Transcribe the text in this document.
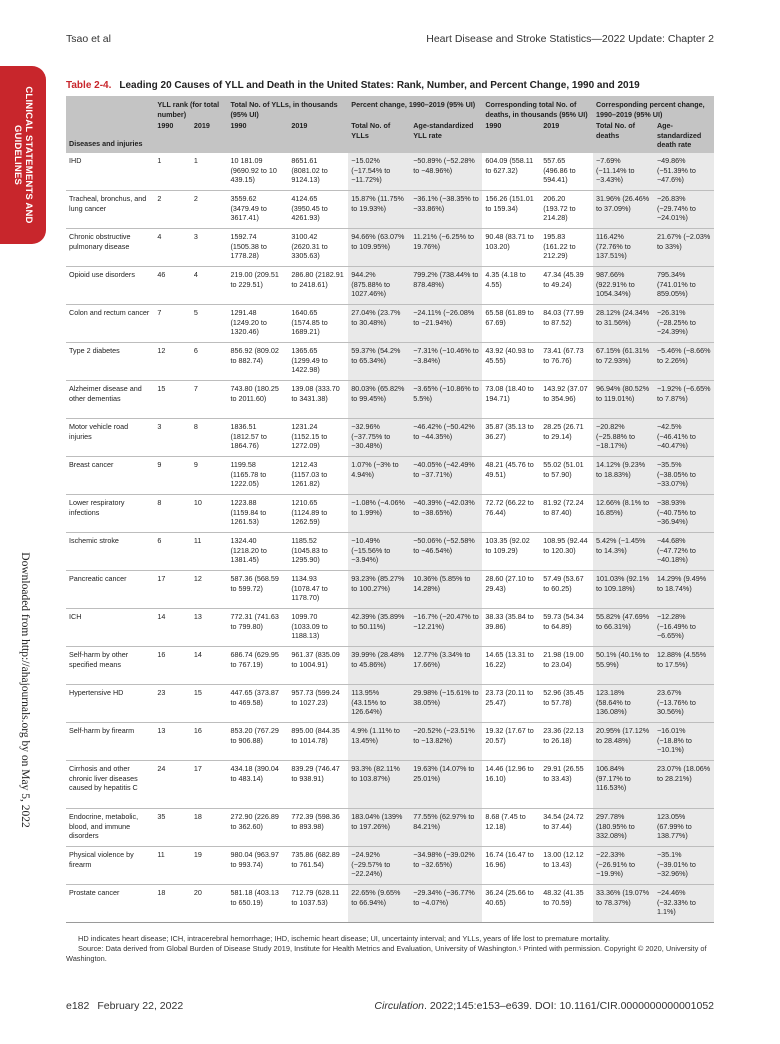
Tsao et al	Heart Disease and Stroke Statistics—2022 Update: Chapter 2
CLINICAL STATEMENTS AND GUIDELINES
Downloaded from http://ahajournals.org by on May 5, 2022
Table 2-4. Leading 20 Causes of YLL and Death in the United States: Rank, Number, and Percent Change, 1990 and 2019
Diseases and injuries	YLL rank (for total number)		Total No. of YLLs, in thousands (95% UI)		Percent change, 1990–2019 (95% UI)		Corresponding total No. of deaths, in thousands (95% UI)		Corresponding percent change, 1990–2019 (95% UI)	
	1990	2019	1990	2019	Total No. of YLLs	Age-standardized YLL rate	1990	2019	Total No. of deaths	Age-standardized death rate
IHD	1	1	10 181.09 (9690.92 to 10 439.15)	8651.61 (8081.02 to 9124.13)	−15.02% (−17.54% to −11.72%)	−50.89% (−52.28% to −48.96%)	604.09 (558.11 to 627.32)	557.65 (496.86 to 594.41)	−7.69% (−11.14% to −3.43%)	−49.86% (−51.39% to −47.6%)
Tracheal, bronchus, and lung cancer	2	2	3559.62 (3479.49 to 3617.41)	4124.65 (3950.45 to 4261.93)	15.87% (11.75% to 19.93%)	−36.1% (−38.35% to −33.86%)	156.26 (151.01 to 159.34)	206.20 (193.72 to 214.28)	31.96% (26.46% to 37.09%)	−26.83% (−29.74% to −24.01%)
Chronic obstructive pulmonary disease	4	3	1592.74 (1505.38 to 1778.28)	3100.42 (2620.31 to 3305.63)	94.66% (63.07% to 109.95%)	11.21% (−6.25% to 19.76%)	90.48 (83.71 to 103.20)	195.83 (161.22 to 212.29)	116.42% (72.76% to 137.51%)	21.67% (−2.03% to 33%)
Opioid use disorders	46	4	219.00 (209.51 to 229.51)	286.80 (2182.91 to 2418.61)	944.2% (875.88% to 1027.46%)	799.2% (738.44% to 878.48%)	4.35 (4.18 to 4.55)	47.34 (45.39 to 49.24)	987.66% (922.91% to 1054.34%)	795.34% (741.01% to 859.05%)
Colon and rectum cancer	7	5	1291.48 (1249.20 to 1320.46)	1640.65 (1574.85 to 1689.21)	27.04% (23.7% to 30.48%)	−24.11% (−26.08% to −21.94%)	65.58 (61.89 to 67.69)	84.03 (77.99 to 87.52)	28.12% (24.34% to 31.56%)	−26.31% (−28.25% to −24.39%)
Type 2 diabetes	12	6	856.92 (809.02 to 882.74)	1365.65 (1299.49 to 1422.98)	59.37% (54.2% to 65.34%)	−7.31% (−10.46% to −3.84%)	43.92 (40.93 to 45.55)	73.41 (67.73 to 76.76)	67.15% (61.31% to 72.93%)	−5.46% (−8.66% to 2.26%)
Alzheimer disease and other dementias	15	7	743.80 (180.25 to 2011.60)	139.08 (333.70 to 3431.38)	80.03% (65.82% to 99.45%)	−3.65% (−10.86% to 5.5%)	73.08 (18.40 to 194.71)	143.92 (37.07 to 354.96)	96.94% (80.52% to 119.01%)	−1.92% (−6.65% to 7.87%)
Motor vehicle road injuries	3	8	1836.51 (1812.57 to 1864.76)	1231.24 (1152.15 to 1272.09)	−32.96% (−37.75% to −30.48%)	−46.42% (−50.42% to −44.35%)	35.87 (35.13 to 36.27)	28.25 (26.71 to 29.14)	−20.82% (−25.88% to −18.17%)	−42.5% (−46.41% to −40.47%)
Breast cancer	9	9	1199.58 (1165.78 to 1222.05)	1212.43 (1157.03 to 1261.82)	1.07% (−3% to 4.94%)	−40.05% (−42.49% to −37.71%)	48.21 (45.76 to 49.51)	55.02 (51.01 to 57.90)	14.12% (9.23% to 18.83%)	−35.5% (−38.05% to −33.07%)
Lower respiratory infections	8	10	1223.88 (1159.84 to 1261.53)	1210.65 (1124.89 to 1262.59)	−1.08% (−4.06% to 1.99%)	−40.39% (−42.03% to −38.65%)	72.72 (66.22 to 76.44)	81.92 (72.24 to 87.40)	12.66% (8.1% to 16.85%)	−38.93% (−40.75% to −36.94%)
Ischemic stroke	6	11	1324.40 (1218.20 to 1381.45)	1185.52 (1045.83 to 1295.90)	−10.49% (−15.56% to −3.94%)	−50.06% (−52.58% to −46.54%)	103.35 (92.02 to 109.29)	108.95 (92.44 to 120.30)	5.42% (−1.45% to 14.3%)	−44.68% (−47.72% to −40.18%)
Pancreatic cancer	17	12	587.36 (568.59 to 599.72)	1134.93 (1078.47 to 1178.70)	93.23% (85.27% to 100.27%)	10.36% (5.85% to 14.28%)	28.60 (27.10 to 29.43)	57.49 (53.67 to 60.25)	101.03% (92.1% to 109.18%)	14.29% (9.49% to 18.74%)
ICH	14	13	772.31 (741.63 to 799.80)	1099.70 (1033.09 to 1188.13)	42.39% (35.89% to 50.11%)	−16.7% (−20.47% to −12.21%)	38.33 (35.84 to 39.86)	59.73 (54.34 to 64.89)	55.82% (47.69% to 66.31%)	−12.28% (−16.49% to −6.65%)
Self-harm by other specified means	16	14	686.74 (629.95 to 767.19)	961.37 (835.09 to 1004.91)	39.99% (28.48% to 45.86%)	12.77% (3.34% to 17.66%)	14.65 (13.31 to 16.22)	21.98 (19.00 to 23.04)	50.1% (40.1% to 55.9%)	12.88% (4.55% to 17.5%)
Hypertensive HD	23	15	447.65 (373.87 to 469.58)	957.73 (599.24 to 1027.23)	113.95% (43.15% to 126.64%)	29.98% (−15.61% to 38.05%)	23.73 (20.11 to 25.47)	52.96 (35.45 to 57.78)	123.18% (58.64% to 136.08%)	23.67% (−13.76% to 30.56%)
Self-harm by firearm	13	16	853.20 (767.29 to 906.88)	895.00 (844.35 to 1014.78)	4.9% (1.11% to 13.45%)	−20.52% (−23.51% to −13.82%)	19.32 (17.67 to 20.57)	23.36 (22.13 to 26.18)	20.95% (17.12% to 28.48%)	−16.01% (−18.8% to −10.1%)
Cirrhosis and other chronic liver diseases caused by hepatitis C	24	17	434.18 (390.04 to 483.14)	839.29 (746.47 to 938.91)	93.3% (82.11% to 103.87%)	19.63% (14.07% to 25.01%)	14.46 (12.96 to 16.10)	29.91 (26.55 to 33.43)	106.84% (97.17% to 116.53%)	23.07% (18.06% to 28.21%)
Endocrine, metabolic, blood, and immune disorders	35	18	272.90 (226.89 to 362.60)	772.39 (598.36 to 893.98)	183.04% (139% to 197.26%)	77.55% (62.97% to 84.21%)	8.68 (7.45 to 12.18)	34.54 (24.72 to 37.44)	297.78% (180.95% to 332.08%)	123.05% (67.99% to 138.77%)
Physical violence by firearm	11	19	980.04 (963.97 to 993.74)	735.86 (682.89 to 761.54)	−24.92% (−29.57% to −22.24%)	−34.98% (−39.02% to −32.65%)	16.74 (16.47 to 16.96)	13.00 (12.12 to 13.43)	−22.33% (−26.91% to −19.9%)	−35.1% (−39.01% to −32.96%)
Prostate cancer	18	20	581.18 (403.13 to 650.19)	712.79 (628.11 to 1037.53)	22.65% (9.65% to 66.94%)	−29.34% (−36.77% to −4.07%)	36.24 (25.66 to 40.65)	48.32 (41.35 to 70.59)	33.36% (19.07% to 78.37%)	−24.46% (−32.33% to 1.1%)
HD indicates heart disease; ICH, intracerebral hemorrhage; IHD, ischemic heart disease; UI, uncertainty interval; and YLLs, years of life lost to premature mortality.
Source: Data derived from Global Burden of Disease Study 2019, Institute for Health Metrics and Evaluation, University of Washington.⁵ Printed with permission. Copyright © 2020, University of Washington.
e182 February 22, 2022	Circulation. 2022;145:e153–e639. DOI: 10.1161/CIR.0000000000001052
